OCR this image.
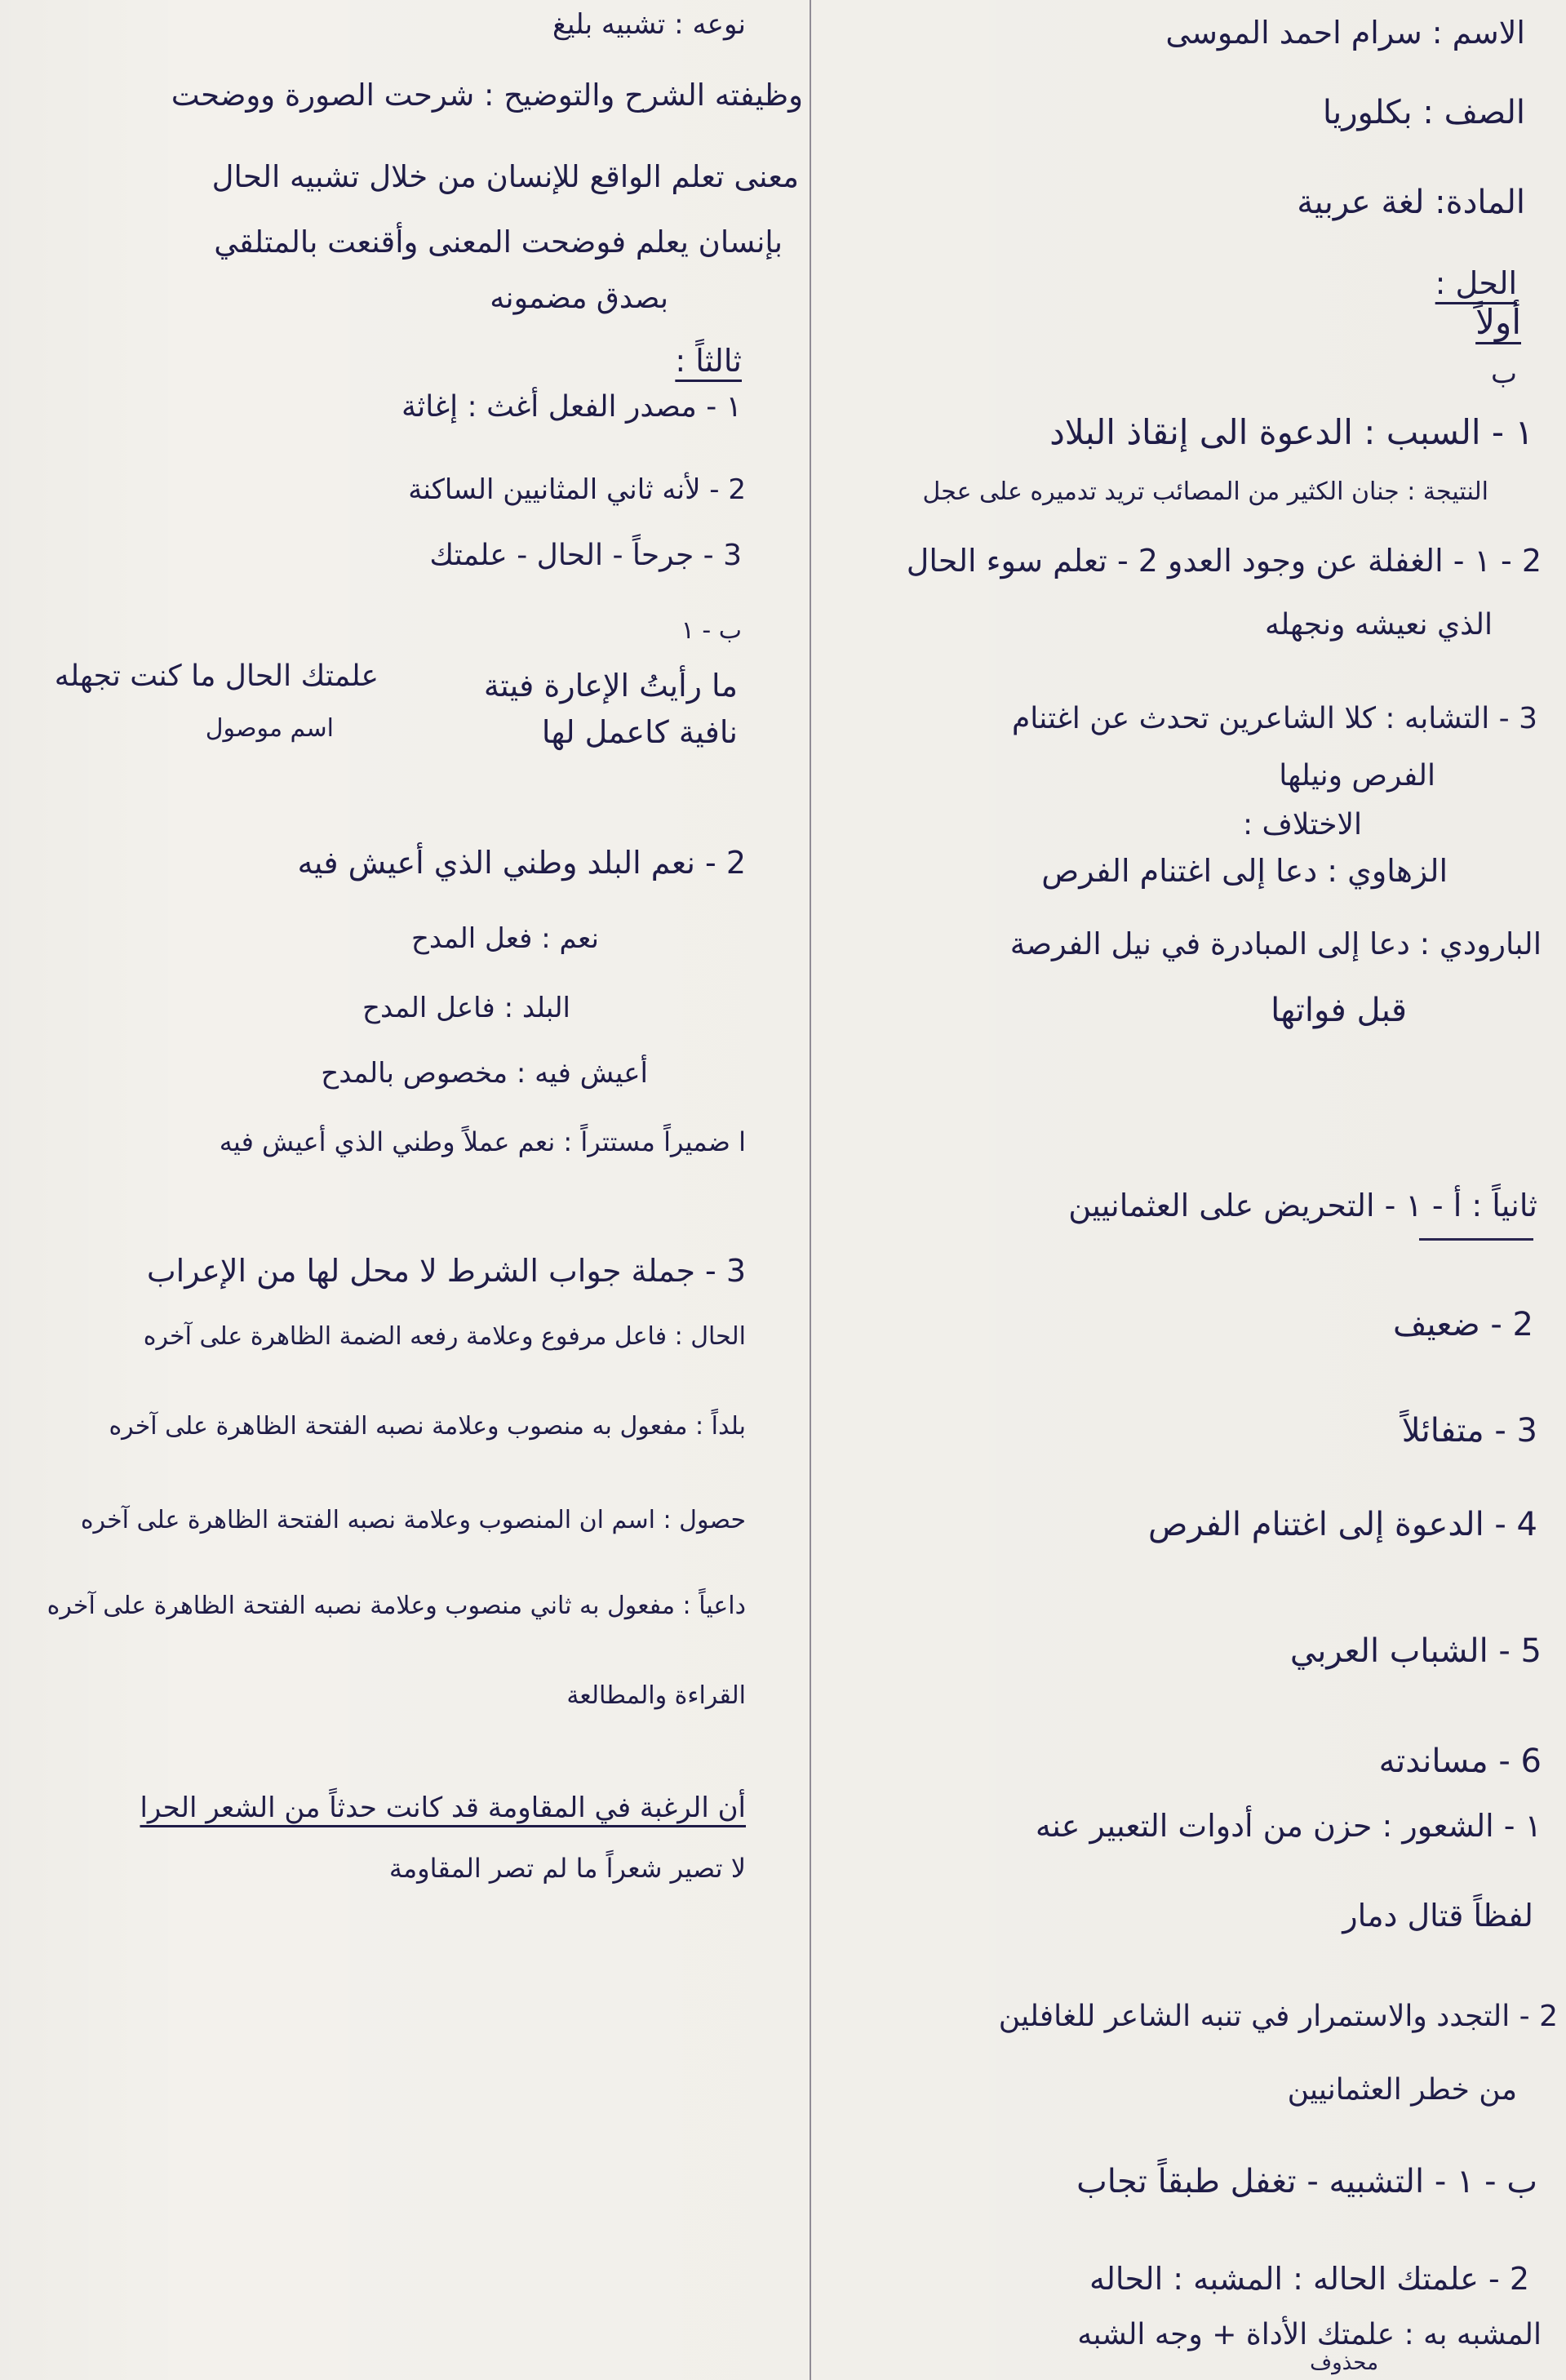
الاسم : سرام احمد الموسى
الصف : بكلوريا
المادة: لغة عربية
الحل :
أولاً
ب
١ - السبب : الدعوة الى إنقاذ البلاد
النتيجة : جنان الكثير من المصائب تريد تدميره على عجل
2 - ١ - الغفلة عن وجود العدو 2 - تعلم سوء الحال
الذي نعيشه ونجهله
3 - التشابه : كلا الشاعرين تحدث عن اغتنام
الفرص ونيلها
الاختلاف :
الزهاوي : دعا إلى اغتنام الفرص
البارودي : دعا إلى المبادرة في نيل الفرصة
قبل فواتها
ثانياً : أ - ١ - التحريض على العثمانيين
2 - ضعيف
3 - متفائلاً
4 - الدعوة إلى اغتنام الفرص
5 - الشباب العربي
6 - مساندته
١ - الشعور : حزن من أدوات التعبير عنه
لفظاً قتال دمار
2 - التجدد والاستمرار في تنبه الشاعر للغافلين
من خطر العثمانيين
ب - ١ - التشبيه - تغفل طبقاً تجاب
2 - علمتك الحاله : المشبه : الحاله
المشبه به : علمتك الأداة + وجه الشبه
محذوف
نوعه : تشبيه بليغ
وظيفته الشرح والتوضيح : شرحت الصورة ووضحت
معنى تعلم الواقع للإنسان من خلال تشبيه الحال
بإنسان يعلم فوضحت المعنى وأقنعت بالمتلقي
بصدق مضمونه
ثالثاً :
١ - مصدر الفعل أغث : إغاثة
2 - لأنه ثاني المثانيين الساكنة
3 - جرحاً - الحال - علمتك
ب - ١
ما رأيتُ الإعارة فيتة
نافية كاعمل لها
علمتك الحال ما كنت تجهله
اسم موصول
2 - نعم البلد وطني الذي أعيش فيه
نعم : فعل المدح
البلد : فاعل المدح
أعيش فيه : مخصوص بالمدح
ا ضميراً مستتراً : نعم عملاً وطني الذي أعيش فيه
3 - جملة جواب الشرط لا محل لها من الإعراب
الحال : فاعل مرفوع وعلامة رفعه الضمة الظاهرة على آخره
بلداً : مفعول به منصوب وعلامة نصبه الفتحة الظاهرة على آخره
حصول : اسم ان المنصوب وعلامة نصبه الفتحة الظاهرة على آخره
داعياً : مفعول به ثاني منصوب وعلامة نصبه الفتحة الظاهرة على آخره
القراءة والمطالعة
أن الرغبة في المقاومة قد كانت حدثاً من الشعر الحرا
لا تصير شعراً ما لم تصر المقاومة
